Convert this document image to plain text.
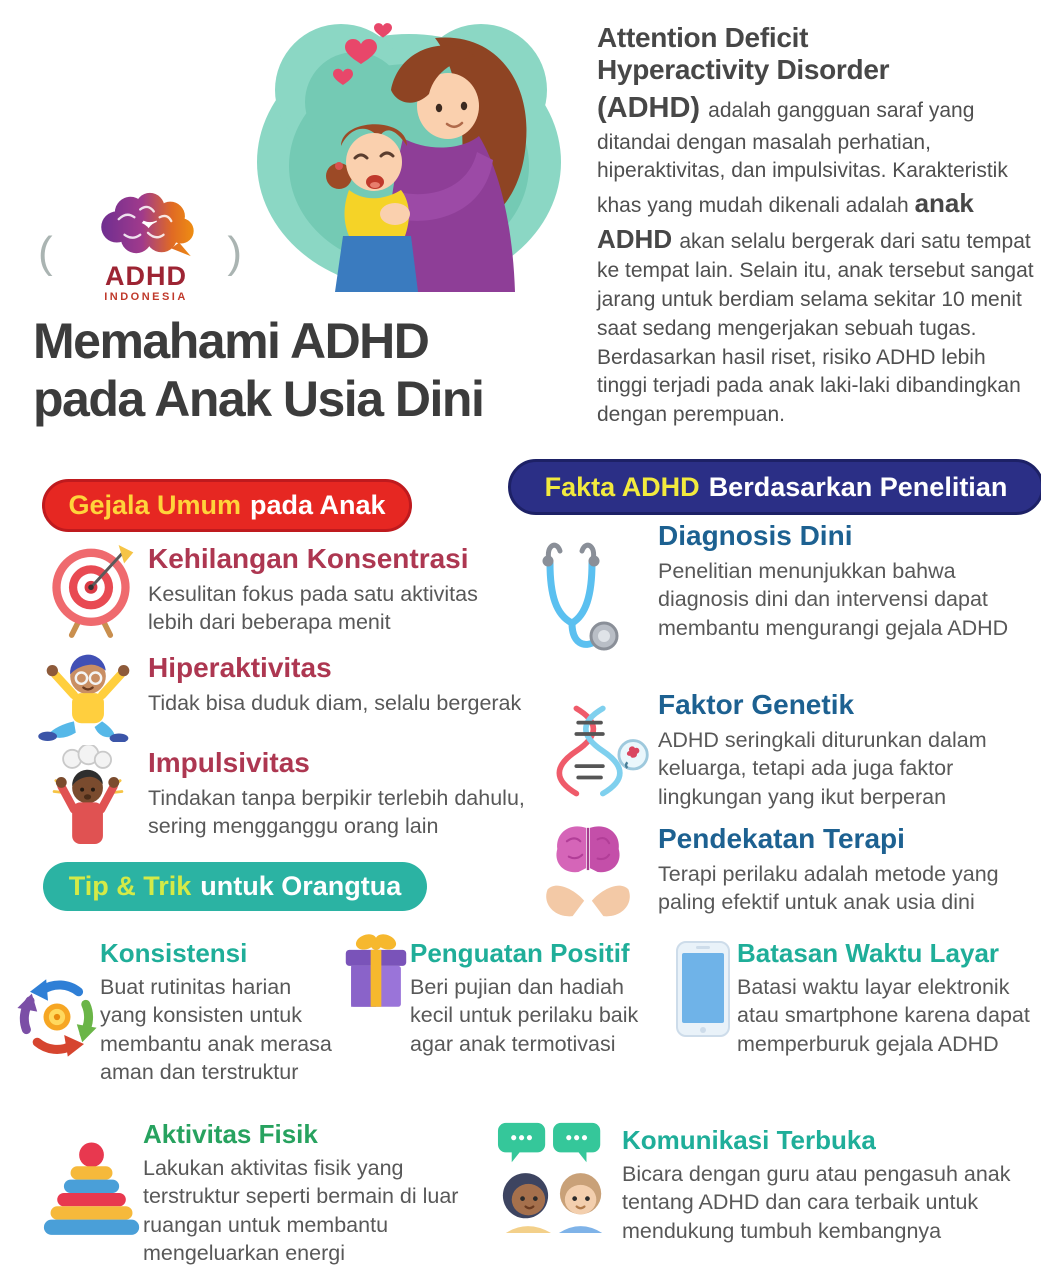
(	)
ADHD
INDONESIA
Attention Deficit
Hyperactivity Disorder
(ADHD) adalah gangguan saraf yang ditandai dengan masalah perhatian, hiperaktivitas, dan impulsivitas. Karakteristik khas yang mudah dikenali adalah anak ADHD akan selalu bergerak dari satu tempat ke tempat lain. Selain itu, anak tersebut sangat jarang untuk berdiam selama sekitar 10 menit saat sedang mengerjakan sebuah tugas. Berdasarkan hasil riset, risiko ADHD lebih tinggi terjadi pada anak laki-laki dibandingkan dengan perempuan.
Memahami ADHD
pada Anak Usia Dini
Gejala Umum pada Anak
Kehilangan Konsentrasi
Kesulitan fokus pada satu aktivitas lebih dari beberapa menit
Hiperaktivitas
Tidak bisa duduk diam, selalu bergerak
Impulsivitas
Tindakan tanpa berpikir terlebih dahulu, sering mengganggu orang lain
Fakta ADHD Berdasarkan Penelitian
Diagnosis Dini
Penelitian menunjukkan bahwa diagnosis dini dan intervensi dapat membantu mengurangi gejala ADHD
Faktor Genetik
ADHD seringkali diturunkan dalam keluarga, tetapi ada juga faktor lingkungan yang ikut berperan
Pendekatan Terapi
Terapi perilaku adalah metode yang paling efektif untuk anak usia dini
Tip & Trik untuk Orangtua
Konsistensi
Buat rutinitas harian yang konsisten untuk membantu anak merasa aman dan terstruktur
Penguatan Positif
Beri pujian dan hadiah kecil untuk perilaku baik agar anak termotivasi
Batasan Waktu Layar
Batasi waktu layar elektronik atau smartphone karena dapat memperburuk gejala ADHD
Aktivitas Fisik
Lakukan aktivitas fisik yang terstruktur seperti bermain di luar ruangan untuk membantu mengeluarkan energi
Komunikasi Terbuka
Bicara dengan guru atau pengasuh anak tentang ADHD dan cara terbaik untuk mendukung tumbuh kembangnya
